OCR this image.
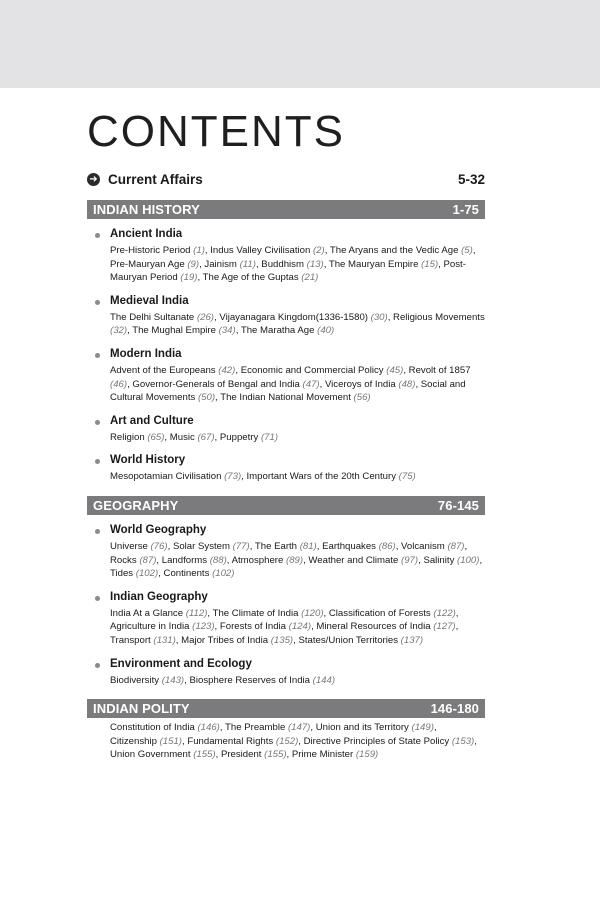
CONTENTS
➜ Current Affairs	5-32
INDIAN HISTORY	1-75
Ancient India
Pre-Historic Period (1), Indus Valley Civilisation (2), The Aryans and the Vedic Age (5), Pre-Mauryan Age (9), Jainism (11), Buddhism (13), The Mauryan Empire (15), Post-Mauryan Period (19), The Age of the Guptas (21)
Medieval India
The Delhi Sultanate (26), Vijayanagara Kingdom(1336-1580) (30), Religious Movements (32), The Mughal Empire (34), The Maratha Age (40)
Modern India
Advent of the Europeans (42), Economic and Commercial Policy (45), Revolt of 1857 (46), Governor-Generals of Bengal and India (47), Viceroys of India (48), Social and Cultural Movements (50), The Indian National Movement (56)
Art and Culture
Religion (65), Music (67), Puppetry (71)
World History
Mesopotamian Civilisation (73), Important Wars of the 20th Century (75)
GEOGRAPHY	76-145
World Geography
Universe (76), Solar System (77), The Earth (81), Earthquakes (86), Volcanism (87), Rocks (87), Landforms (88), Atmosphere (89), Weather and Climate (97), Salinity (100), Tides (102), Continents (102)
Indian Geography
India At a Glance (112), The Climate of India (120), Classification of Forests (122), Agriculture in India (123), Forests of India (124), Mineral Resources of India (127), Transport (131), Major Tribes of India (135), States/Union Territories (137)
Environment and Ecology
Biodiversity (143), Biosphere Reserves of India (144)
INDIAN POLITY	146-180
Constitution of India (146), The Preamble (147), Union and its Territory (149), Citizenship (151), Fundamental Rights (152), Directive Principles of State Policy (153), Union Government (155), President (155), Prime Minister (159)
